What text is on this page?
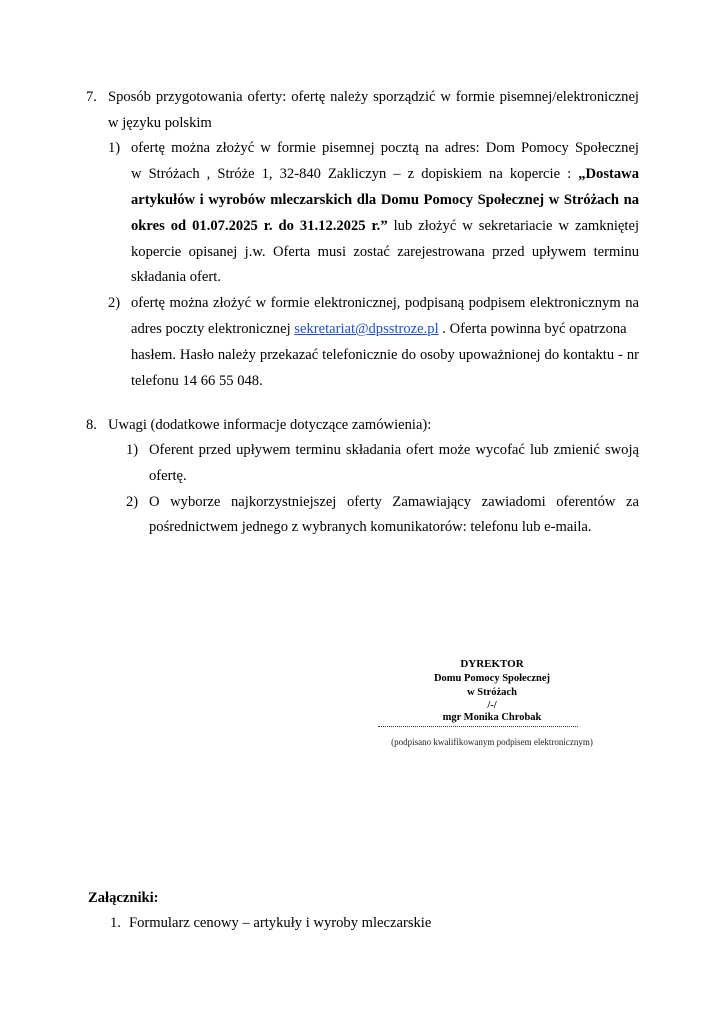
7. Sposób przygotowania oferty: ofertę należy sporządzić w formie pisemnej/elektronicznej
w języku polskim
1) ofertę można złożyć w formie pisemnej pocztą na adres: Dom Pomocy Społecznej
w Stróżach , Stróże 1, 32-840 Zakliczyn – z dopiskiem na kopercie : „Dostawa
artykułów i wyrobów mleczarskich dla Domu Pomocy Społecznej w Stróżach na
okres od 01.07.2025 r. do 31.12.2025 r.” lub złożyć w sekretariacie w zamkniętej
kopercie opisanej j.w. Oferta musi zostać zarejestrowana przed upływem terminu
składania ofert.
2) ofertę można złożyć w formie elektronicznej, podpisaną podpisem elektronicznym na
adres poczty elektronicznej sekretariat@dpsstroze.pl . Oferta powinna być opatrzona
hasłem. Hasło należy przekazać telefonicznie do osoby upoważnionej do kontaktu - nr
telefonu 14 66 55 048.
8. Uwagi (dodatkowe informacje dotyczące zamówienia):
1) Oferent przed upływem terminu składania ofert może wycofać lub zmienić swoją
ofertę.
2) O wyborze najkorzystniejszej oferty Zamawiający zawiadomi oferentów za
pośrednictwem jednego z wybranych komunikatorów: telefonu lub e-maila.
DYREKTOR
Domu Pomocy Społecznej
w Stróżach
/-/
mgr Monika Chrobak
(podpisano kwalifikowanym podpisem elektronicznym)
Załączniki:
1. Formularz cenowy – artykuły i wyroby mleczarskie
